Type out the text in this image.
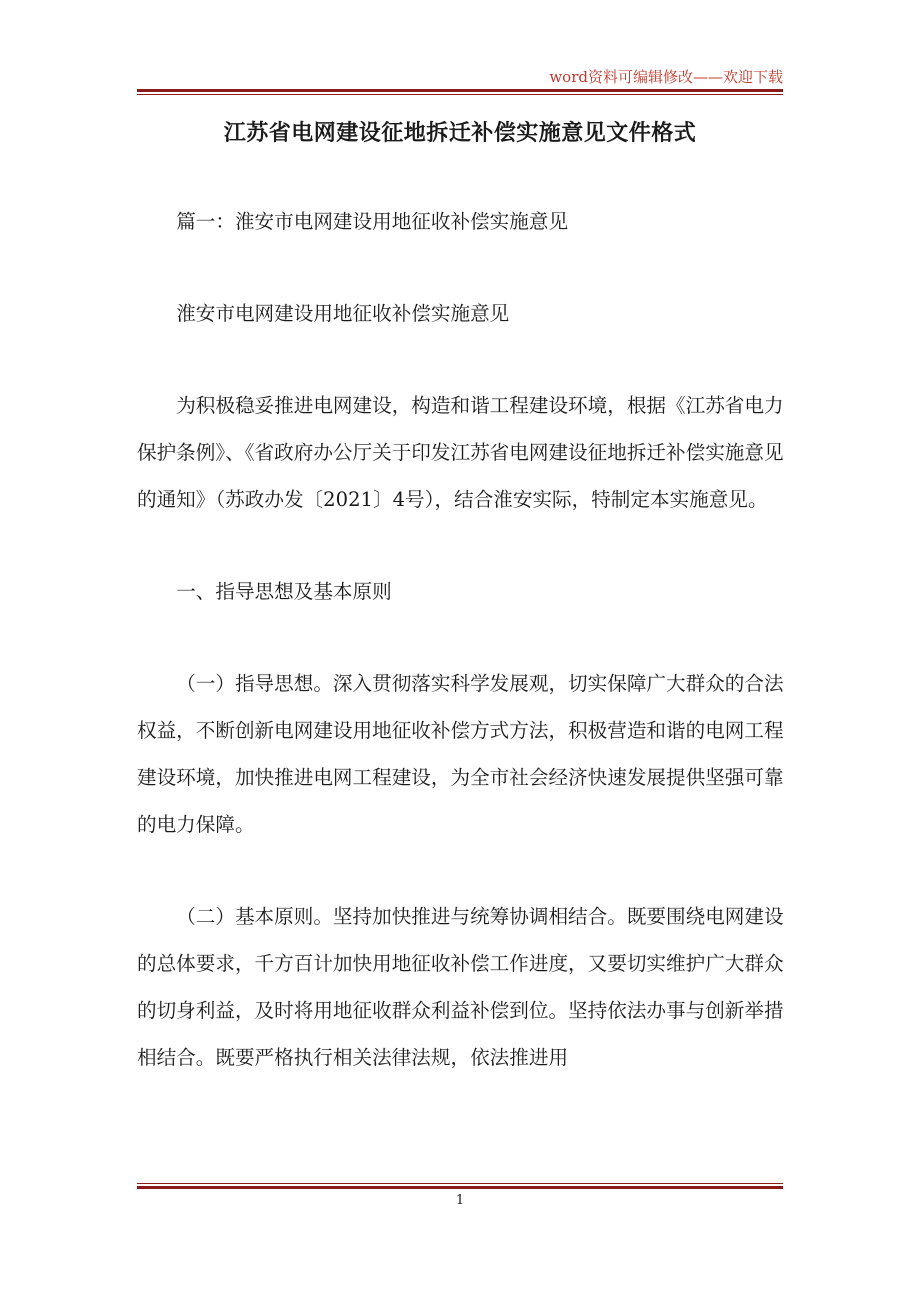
word资料可编辑修改——欢迎下载
江苏省电网建设征地拆迁补偿实施意见文件格式

篇一：淮安市电网建设用地征收补偿实施意见

淮安市电网建设用地征收补偿实施意见

为积极稳妥推进电网建设，构造和谐工程建设环境，根据《江苏省电力保护条例》、《省政府办公厅关于印发江苏省电网建设征地拆迁补偿实施意见的通知》（苏政办发〔2021〕4号），结合淮安实际，特制定本实施意见。

一、指导思想及基本原则

（一）指导思想。深入贯彻落实科学发展观，切实保障广大群众的合法权益，不断创新电网建设用地征收补偿方式方法，积极营造和谐的电网工程建设环境，加快推进电网工程建设，为全市社会经济快速发展提供坚强可靠的电力保障。

（二）基本原则。坚持加快推进与统筹协调相结合。既要围绕电网建设的总体要求，千方百计加快用地征收补偿工作进度，又要切实维护广大群众的切身利益，及时将用地征收群众利益补偿到位。坚持依法办事与创新举措相结合。既要严格执行相关法律法规，依法推进用

1
